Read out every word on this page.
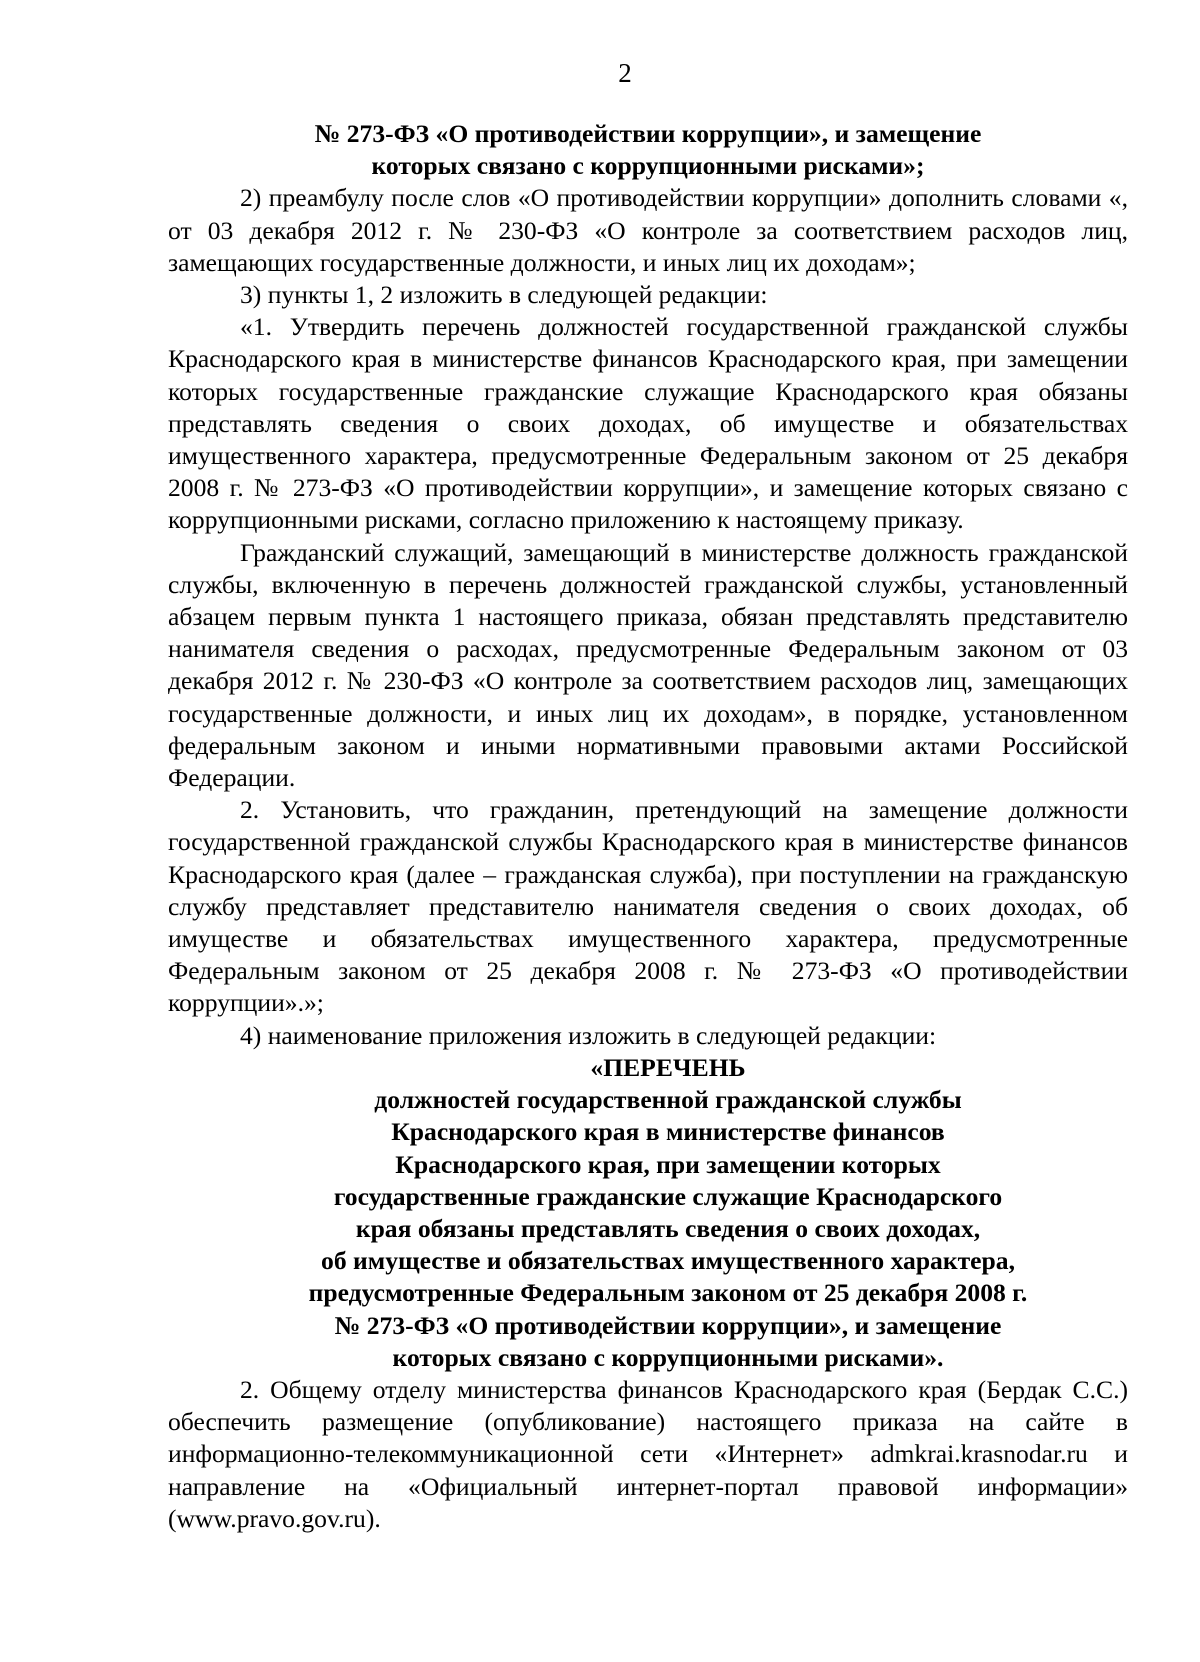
2

№ 273-ФЗ «О противодействии коррупции», и замещение

которых связано с коррупционными рисками»;

2) преамбулу после слов «О противодействии коррупции» дополнить словами «, от 03 декабря 2012 г. № 230-ФЗ «О контроле за соответствием расходов лиц, замещающих государственные должности, и иных лиц их доходам»;

3) пункты 1, 2 изложить в следующей редакции:

«1. Утвердить перечень должностей государственной гражданской службы Краснодарского края в министерстве финансов Краснодарского края, при замещении которых государственные гражданские служащие Краснодарского края обязаны представлять сведения о своих доходах, об имуществе и обязательствах имущественного характера, предусмотренные Федеральным законом от 25 декабря 2008 г. № 273-ФЗ «О противодействии коррупции», и замещение которых связано с коррупционными рисками, согласно приложению к настоящему приказу.

Гражданский служащий, замещающий в министерстве должность гражданской службы, включенную в перечень должностей гражданской службы, установленный абзацем первым пункта 1 настоящего приказа, обязан представлять представителю нанимателя сведения о расходах, предусмотренные Федеральным законом от 03 декабря 2012 г. № 230-ФЗ «О контроле за соответствием расходов лиц, замещающих государственные должности, и иных лиц их доходам», в порядке, установленном федеральным законом и иными нормативными правовыми актами Российской Федерации.

2. Установить, что гражданин, претендующий на замещение должности государственной гражданской службы Краснодарского края в министерстве финансов Краснодарского края (далее – гражданская служба), при поступлении на гражданскую службу представляет представителю нанимателя сведения о своих доходах, об имуществе и обязательствах имущественного характера, предусмотренные Федеральным законом от 25 декабря 2008 г. № 273-ФЗ «О противодействии коррупции».»;

4) наименование приложения изложить в следующей редакции:

«ПЕРЕЧЕНЬ
должностей государственной гражданской службы
Краснодарского края в министерстве финансов
Краснодарского края, при замещении которых
государственные гражданские служащие Краснодарского
края обязаны представлять сведения о своих доходах,
об имуществе и обязательствах имущественного характера,
предусмотренные Федеральным законом от 25 декабря 2008 г.
№ 273-ФЗ «О противодействии коррупции», и замещение
которых связано с коррупционными рисками».

2. Общему отделу министерства финансов Краснодарского края (Бердак С.С.) обеспечить размещение (опубликование) настоящего приказа на сайте в информационно-телекоммуникационной сети «Интернет» admkrai.krasnodar.ru и направление на «Официальный интернет-портал правовой информации» (www.pravo.gov.ru).
